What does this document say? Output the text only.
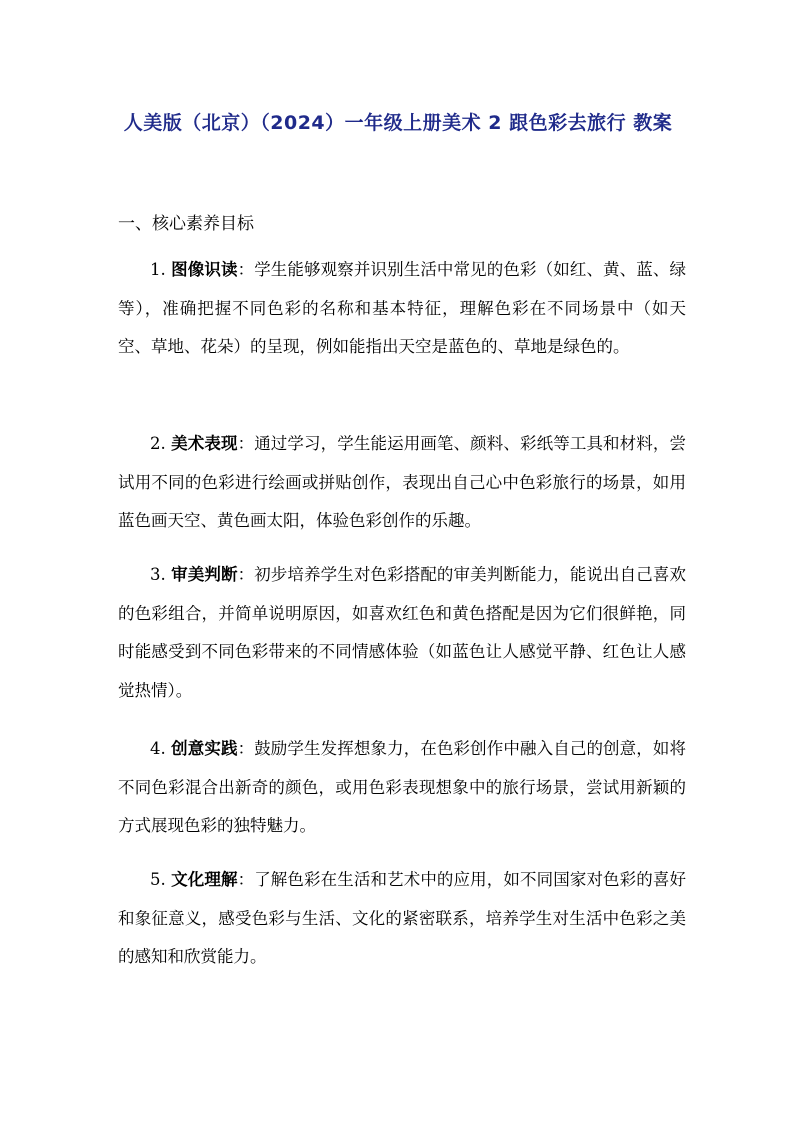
人美版（北京）（2024）一年级上册美术 2 跟色彩去旅行 教案
一、核心素养目标

1. 图像识读：学生能够观察并识别生活中常见的色彩（如红、黄、蓝、绿等），准确把握不同色彩的名称和基本特征，理解色彩在不同场景中（如天空、草地、花朵）的呈现，例如能指出天空是蓝色的、草地是绿色的。

2. 美术表现：通过学习，学生能运用画笔、颜料、彩纸等工具和材料，尝试用不同的色彩进行绘画或拼贴创作，表现出自己心中色彩旅行的场景，如用蓝色画天空、黄色画太阳，体验色彩创作的乐趣。

3. 审美判断：初步培养学生对色彩搭配的审美判断能力，能说出自己喜欢的色彩组合，并简单说明原因，如喜欢红色和黄色搭配是因为它们很鲜艳，同时能感受到不同色彩带来的不同情感体验（如蓝色让人感觉平静、红色让人感觉热情）。

4. 创意实践：鼓励学生发挥想象力，在色彩创作中融入自己的创意，如将不同色彩混合出新奇的颜色，或用色彩表现想象中的旅行场景，尝试用新颖的方式展现色彩的独特魅力。

5. 文化理解：了解色彩在生活和艺术中的应用，如不同国家对色彩的喜好和象征意义，感受色彩与生活、文化的紧密联系，培养学生对生活中色彩之美的感知和欣赏能力。
